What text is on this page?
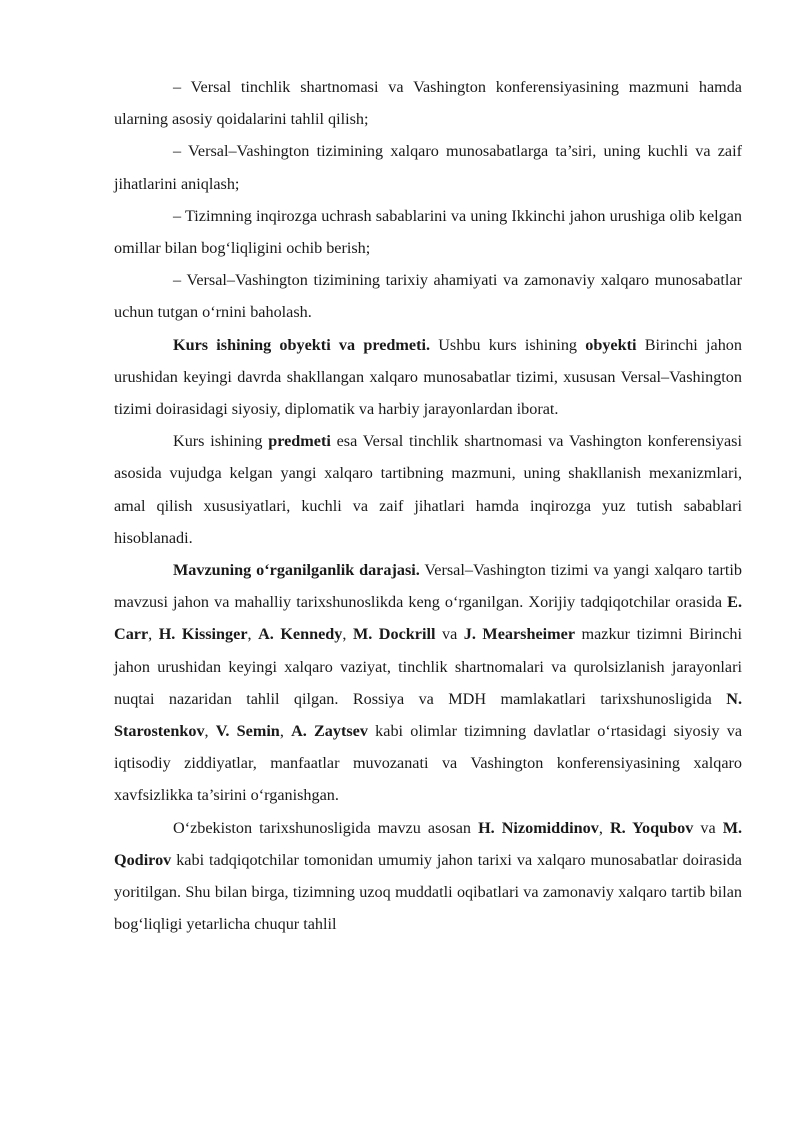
– Versal tinchlik shartnomasi va Vashington konferensiyasining mazmuni hamda ularning asosiy qoidalarini tahlil qilish;

– Versal–Vashington tizimining xalqaro munosabatlarga ta’siri, uning kuchli va zaif jihatlarini aniqlash;

– Tizimning inqirozga uchrash sabablarini va uning Ikkinchi jahon urushiga olib kelgan omillar bilan bog‘liqligini ochib berish;

– Versal–Vashington tizimining tarixiy ahamiyati va zamonaviy xalqaro munosabatlar uchun tutgan o‘rnini baholash.

Kurs ishining obyekti va predmeti. Ushbu kurs ishining obyekti Birinchi jahon urushidan keyingi davrda shakllangan xalqaro munosabatlar tizimi, xususan Versal–Vashington tizimi doirasidagi siyosiy, diplomatik va harbiy jarayonlardan iborat.

Kurs ishining predmeti esa Versal tinchlik shartnomasi va Vashington konferensiyasi asosida vujudga kelgan yangi xalqaro tartibning mazmuni, uning shakllanish mexanizmlari, amal qilish xususiyatlari, kuchli va zaif jihatlari hamda inqirozga yuz tutish sabablari hisoblanadi.

Mavzuning o‘rganilganlik darajasi. Versal–Vashington tizimi va yangi xalqaro tartib mavzusi jahon va mahalliy tarixshunoslikda keng o‘rganilgan. Xorijiy tadqiqotchilar orasida E. Carr, H. Kissinger, A. Kennedy, M. Dockrill va J. Mearsheimer mazkur tizimni Birinchi jahon urushidan keyingi xalqaro vaziyat, tinchlik shartnomalari va qurolsizlanish jarayonlari nuqtai nazaridan tahlil qilgan. Rossiya va MDH mamlakatlari tarixshunosligida N. Starostenkov, V. Semin, A. Zaytsev kabi olimlar tizimning davlatlar o‘rtasidagi siyosiy va iqtisodiy ziddiyatlar, manfaatlar muvozanati va Vashington konferensiyasining xalqaro xavfsizlikka ta’sirini o‘rganishgan.

O‘zbekiston tarixshunosligida mavzu asosan H. Nizomiddinov, R. Yoqubov va M. Qodirov kabi tadqiqotchilar tomonidan umumiy jahon tarixi va xalqaro munosabatlar doirasida yoritilgan. Shu bilan birga, tizimning uzoq muddatli oqibatlari va zamonaviy xalqaro tartib bilan bog‘liqligi yetarlicha chuqur tahlil
